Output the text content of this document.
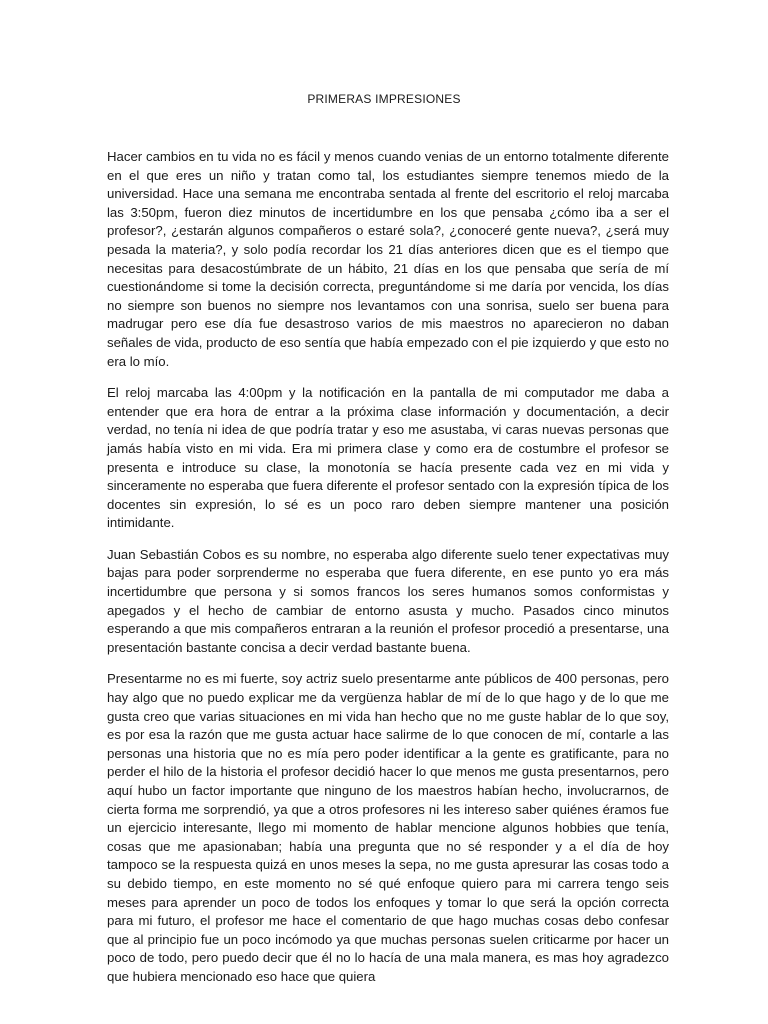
PRIMERAS IMPRESIONES

Hacer cambios en tu vida no es fácil y menos cuando venias de un entorno totalmente diferente en el que eres un niño y tratan como tal, los estudiantes siempre tenemos miedo de la universidad. Hace una semana me encontraba sentada al frente del escritorio el reloj marcaba las 3:50pm, fueron diez minutos de incertidumbre en los que pensaba ¿cómo iba a ser el profesor?, ¿estarán algunos compañeros o estaré sola?, ¿conoceré gente nueva?, ¿será muy pesada la materia?, y solo podía recordar los 21 días anteriores dicen que es el tiempo que necesitas para desacostúmbrate de un hábito, 21 días en los que pensaba que sería de mí cuestionándome si tome la decisión correcta, preguntándome si me daría por vencida, los días no siempre son buenos no siempre nos levantamos con una sonrisa, suelo ser buena para madrugar pero ese día fue desastroso varios de mis maestros no aparecieron no daban señales de vida, producto de eso sentía que había empezado con el pie izquierdo y que esto no era lo mío.

El reloj marcaba las 4:00pm y la notificación en la pantalla de mi computador me daba a entender que era hora de entrar a la próxima clase información y documentación, a decir verdad, no tenía ni idea de que podría tratar y eso me asustaba, vi caras nuevas personas que jamás había visto en mi vida. Era mi primera clase y como era de costumbre el profesor se presenta e introduce su clase, la monotonía se hacía presente cada vez en mi vida y sinceramente no esperaba que fuera diferente el profesor sentado con la expresión típica de los docentes sin expresión, lo sé es un poco raro deben siempre mantener una posición intimidante.

Juan Sebastián Cobos es su nombre, no esperaba algo diferente suelo tener expectativas muy bajas para poder sorprenderme no esperaba que fuera diferente, en ese punto yo era más incertidumbre que persona y si somos francos los seres humanos somos conformistas y apegados y el hecho de cambiar de entorno asusta y mucho. Pasados cinco minutos esperando a que mis compañeros entraran a la reunión el profesor procedió a presentarse, una presentación bastante concisa a decir verdad bastante buena.

Presentarme no es mi fuerte, soy actriz suelo presentarme ante públicos de 400 personas, pero hay algo que no puedo explicar me da vergüenza hablar de mí de lo que hago y de lo que me gusta creo que varias situaciones en mi vida han hecho que no me guste hablar de lo que soy, es por esa la razón que me gusta actuar hace salirme de lo que conocen de mí, contarle a las personas una historia que no es mía pero poder identificar a la gente es gratificante, para no perder el hilo de la historia el profesor decidió hacer lo que menos me gusta presentarnos, pero aquí hubo un factor importante que ninguno de los maestros habían hecho, involucrarnos, de cierta forma me sorprendió, ya que a otros profesores ni les intereso saber quiénes éramos fue un ejercicio interesante, llego mi momento de hablar mencione algunos hobbies que tenía, cosas que me apasionaban; había una pregunta que no sé responder y a el día de hoy tampoco se la respuesta quizá en unos meses la sepa, no me gusta apresurar las cosas todo a su debido tiempo, en este momento no sé qué enfoque quiero para mi carrera tengo seis meses para aprender un poco de todos los enfoques y tomar lo que será la opción correcta para mi futuro, el profesor me hace el comentario de que hago muchas cosas debo confesar que al principio fue un poco incómodo ya que muchas personas suelen criticarme por hacer un poco de todo, pero puedo decir que él no lo hacía de una mala manera, es mas hoy agradezco que hubiera mencionado eso hace que quiera
